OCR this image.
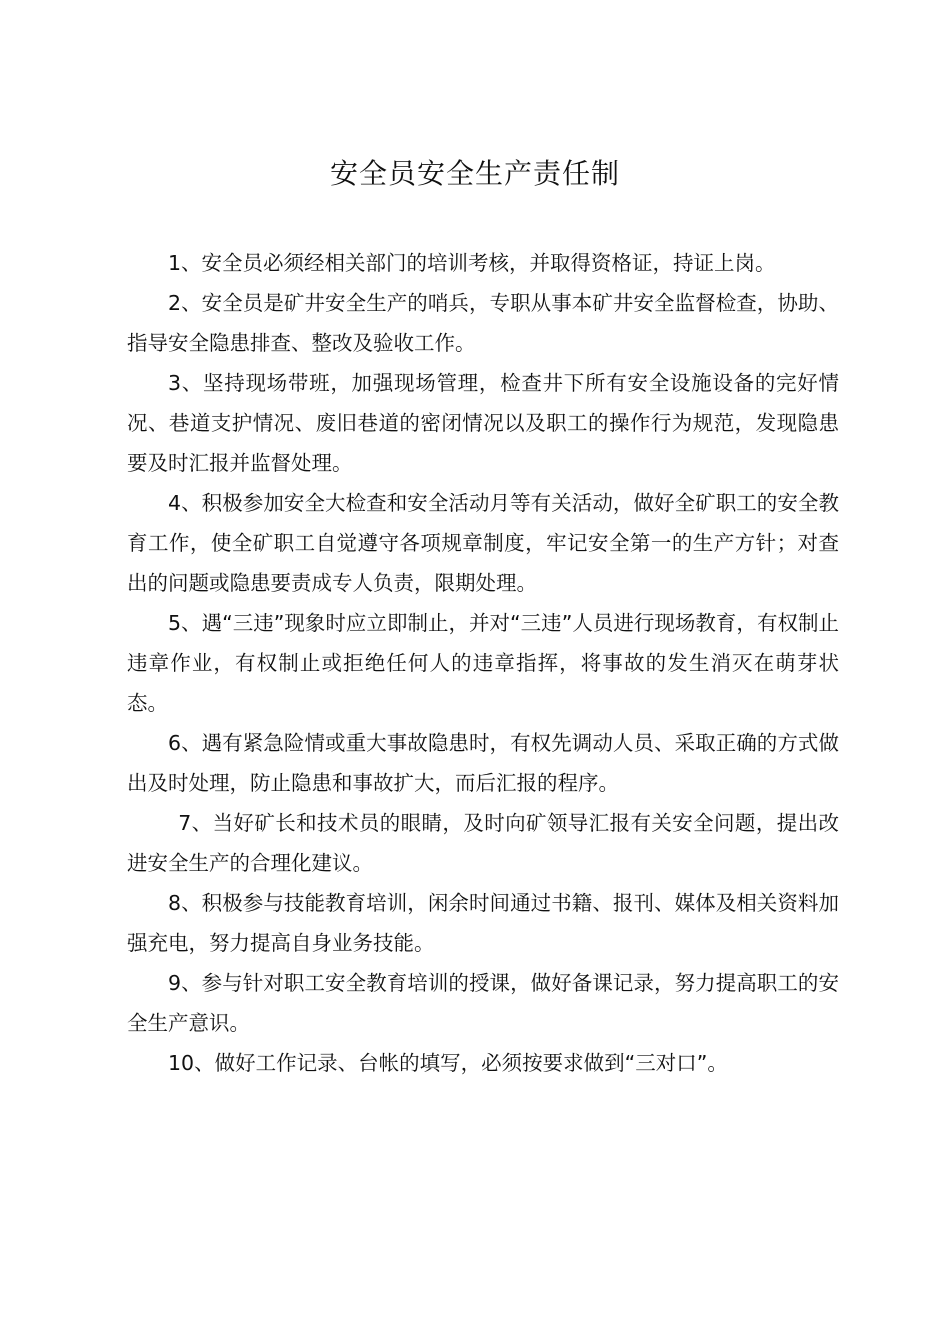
安全员安全生产责任制

1、安全员必须经相关部门的培训考核，并取得资格证，持证上岗。

2、安全员是矿井安全生产的哨兵，专职从事本矿井安全监督检查，协助、指导安全隐患排查、整改及验收工作。

3、坚持现场带班，加强现场管理，检查井下所有安全设施设备的完好情况、巷道支护情况、废旧巷道的密闭情况以及职工的操作行为规范，发现隐患要及时汇报并监督处理。

4、积极参加安全大检查和安全活动月等有关活动，做好全矿职工的安全教育工作，使全矿职工自觉遵守各项规章制度，牢记安全第一的生产方针；对查出的问题或隐患要责成专人负责，限期处理。

5、遇“三违”现象时应立即制止，并对“三违”人员进行现场教育，有权制止违章作业，有权制止或拒绝任何人的违章指挥，将事故的发生消灭在萌芽状态。

6、遇有紧急险情或重大事故隐患时，有权先调动人员、采取正确的方式做出及时处理，防止隐患和事故扩大，而后汇报的程序。

7、当好矿长和技术员的眼睛，及时向矿领导汇报有关安全问题，提出改进安全生产的合理化建议。

8、积极参与技能教育培训，闲余时间通过书籍、报刊、媒体及相关资料加强充电，努力提高自身业务技能。

9、参与针对职工安全教育培训的授课，做好备课记录，努力提高职工的安全生产意识。

10、做好工作记录、台帐的填写，必须按要求做到“三对口”。
